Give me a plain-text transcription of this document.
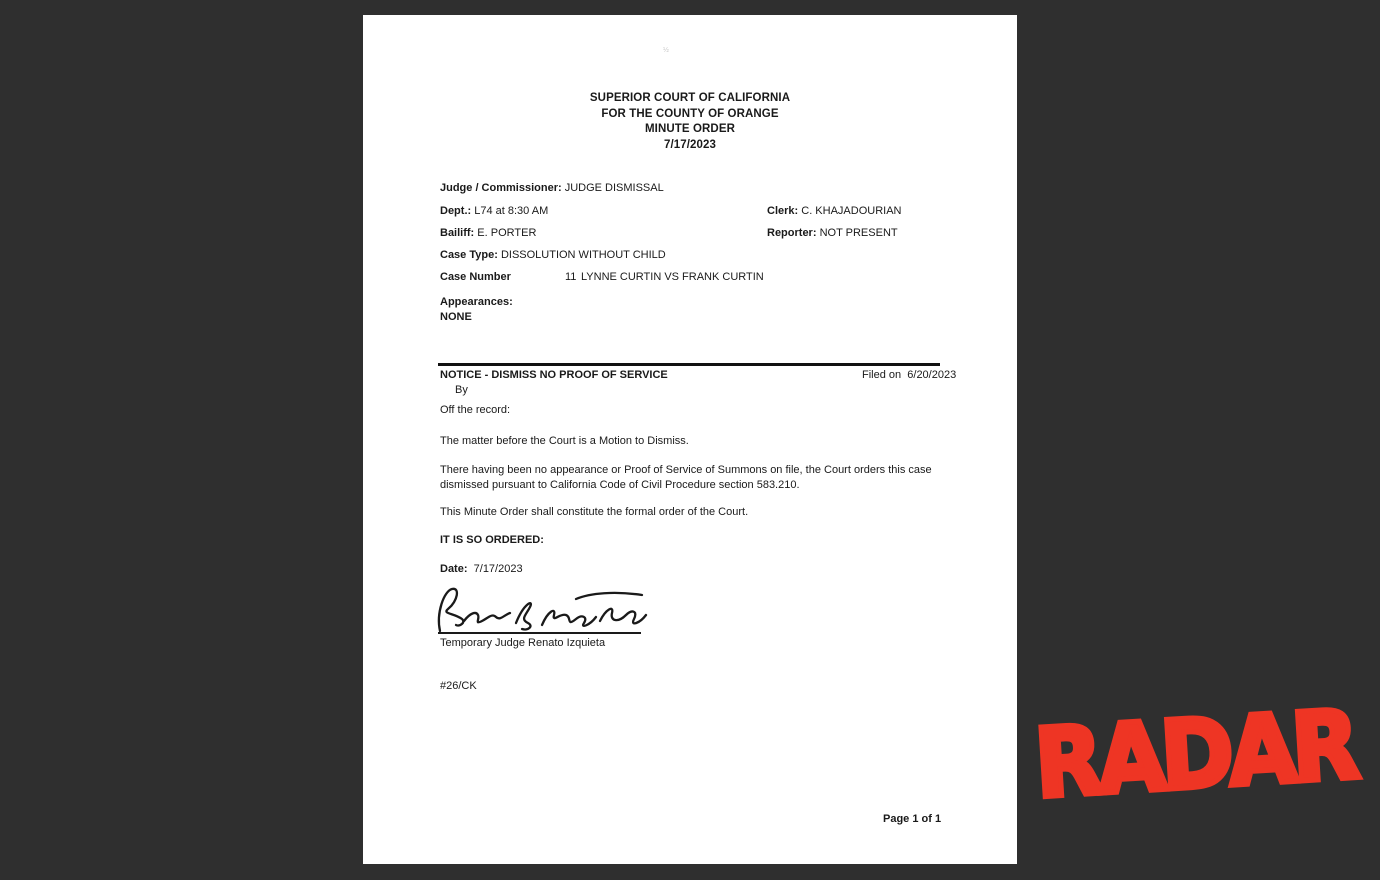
½
SUPERIOR COURT OF CALIFORNIA
FOR THE COUNTY OF ORANGE
MINUTE ORDER
7/17/2023
Judge / Commissioner: JUDGE DISMISSAL
Dept.: L74 at 8:30 AM	Clerk: C. KHAJADOURIAN
Bailiff: E. PORTER	Reporter: NOT PRESENT
Case Type: DISSOLUTION WITHOUT CHILD
Case Number	11 LYNNE CURTIN VS FRANK CURTIN
Appearances:
NONE
NOTICE - DISMISS NO PROOF OF SERVICE	Filed on 6/20/2023
By
Off the record:
The matter before the Court is a Motion to Dismiss.
There having been no appearance or Proof of Service of Summons on file, the Court orders this case dismissed pursuant to California Code of Civil Procedure section 583.210.
This Minute Order shall constitute the formal order of the Court.
IT IS SO ORDERED:
Date: 7/17/2023
Temporary Judge Renato Izquieta
#26/CK
Page 1 of 1 RADAR
